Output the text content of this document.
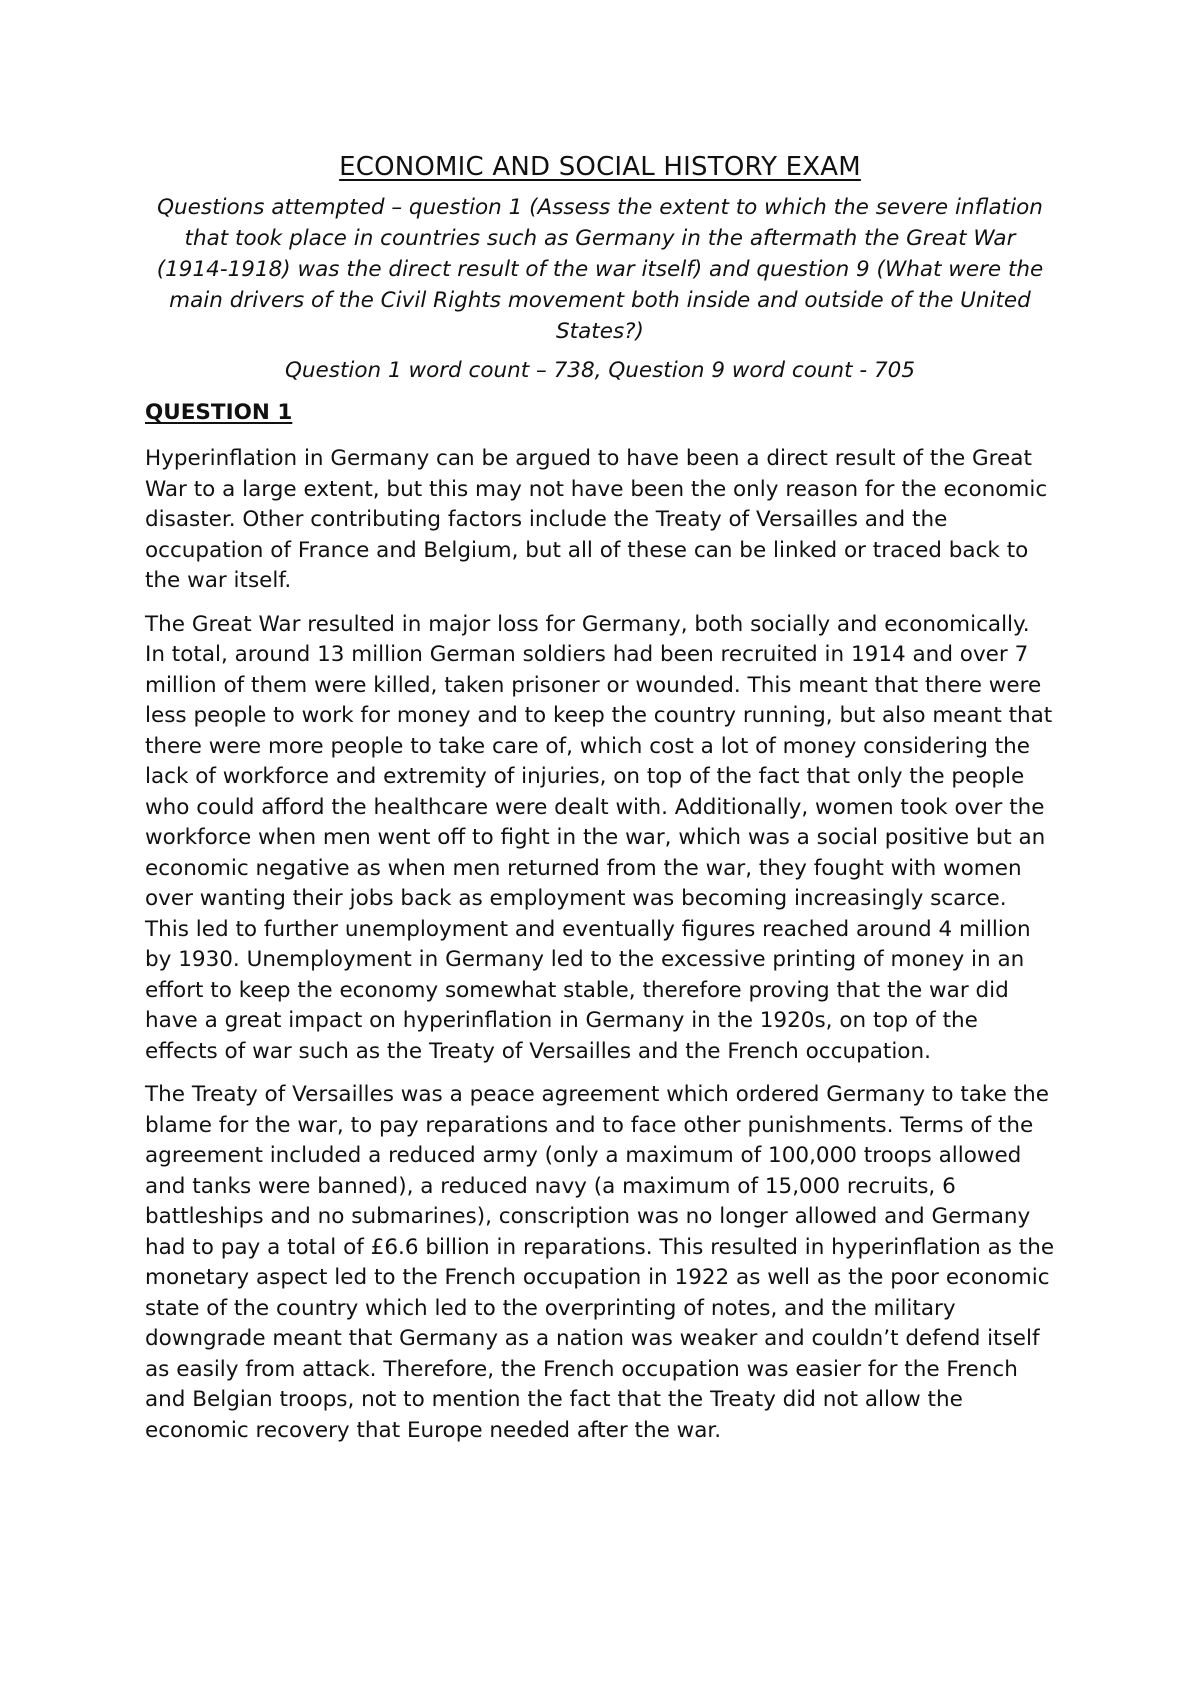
ECONOMIC AND SOCIAL HISTORY EXAM
Questions attempted – question 1 (Assess the extent to which the severe inflation that took place in countries such as Germany in the aftermath the Great War (1914-1918) was the direct result of the war itself) and question 9 (What were the main drivers of the Civil Rights movement both inside and outside of the United States?)
Question 1 word count – 738, Question 9 word count - 705
QUESTION 1

Hyperinflation in Germany can be argued to have been a direct result of the Great War to a large extent, but this may not have been the only reason for the economic disaster. Other contributing factors include the Treaty of Versailles and the occupation of France and Belgium, but all of these can be linked or traced back to the war itself.

The Great War resulted in major loss for Germany, both socially and economically. In total, around 13 million German soldiers had been recruited in 1914 and over 7 million of them were killed, taken prisoner or wounded. This meant that there were less people to work for money and to keep the country running, but also meant that there were more people to take care of, which cost a lot of money considering the lack of workforce and extremity of injuries, on top of the fact that only the people who could afford the healthcare were dealt with. Additionally, women took over the workforce when men went off to fight in the war, which was a social positive but an economic negative as when men returned from the war, they fought with women over wanting their jobs back as employment was becoming increasingly scarce. This led to further unemployment and eventually figures reached around 4 million by 1930. Unemployment in Germany led to the excessive printing of money in an effort to keep the economy somewhat stable, therefore proving that the war did have a great impact on hyperinflation in Germany in the 1920s, on top of the effects of war such as the Treaty of Versailles and the French occupation.

The Treaty of Versailles was a peace agreement which ordered Germany to take the blame for the war, to pay reparations and to face other punishments. Terms of the agreement included a reduced army (only a maximum of 100,000 troops allowed and tanks were banned), a reduced navy (a maximum of 15,000 recruits, 6 battleships and no submarines), conscription was no longer allowed and Germany had to pay a total of £6.6 billion in reparations. This resulted in hyperinflation as the monetary aspect led to the French occupation in 1922 as well as the poor economic state of the country which led to the overprinting of notes, and the military downgrade meant that Germany as a nation was weaker and couldn’t defend itself as easily from attack. Therefore, the French occupation was easier for the French and Belgian troops, not to mention the fact that the Treaty did not allow the economic recovery that Europe needed after the war.
